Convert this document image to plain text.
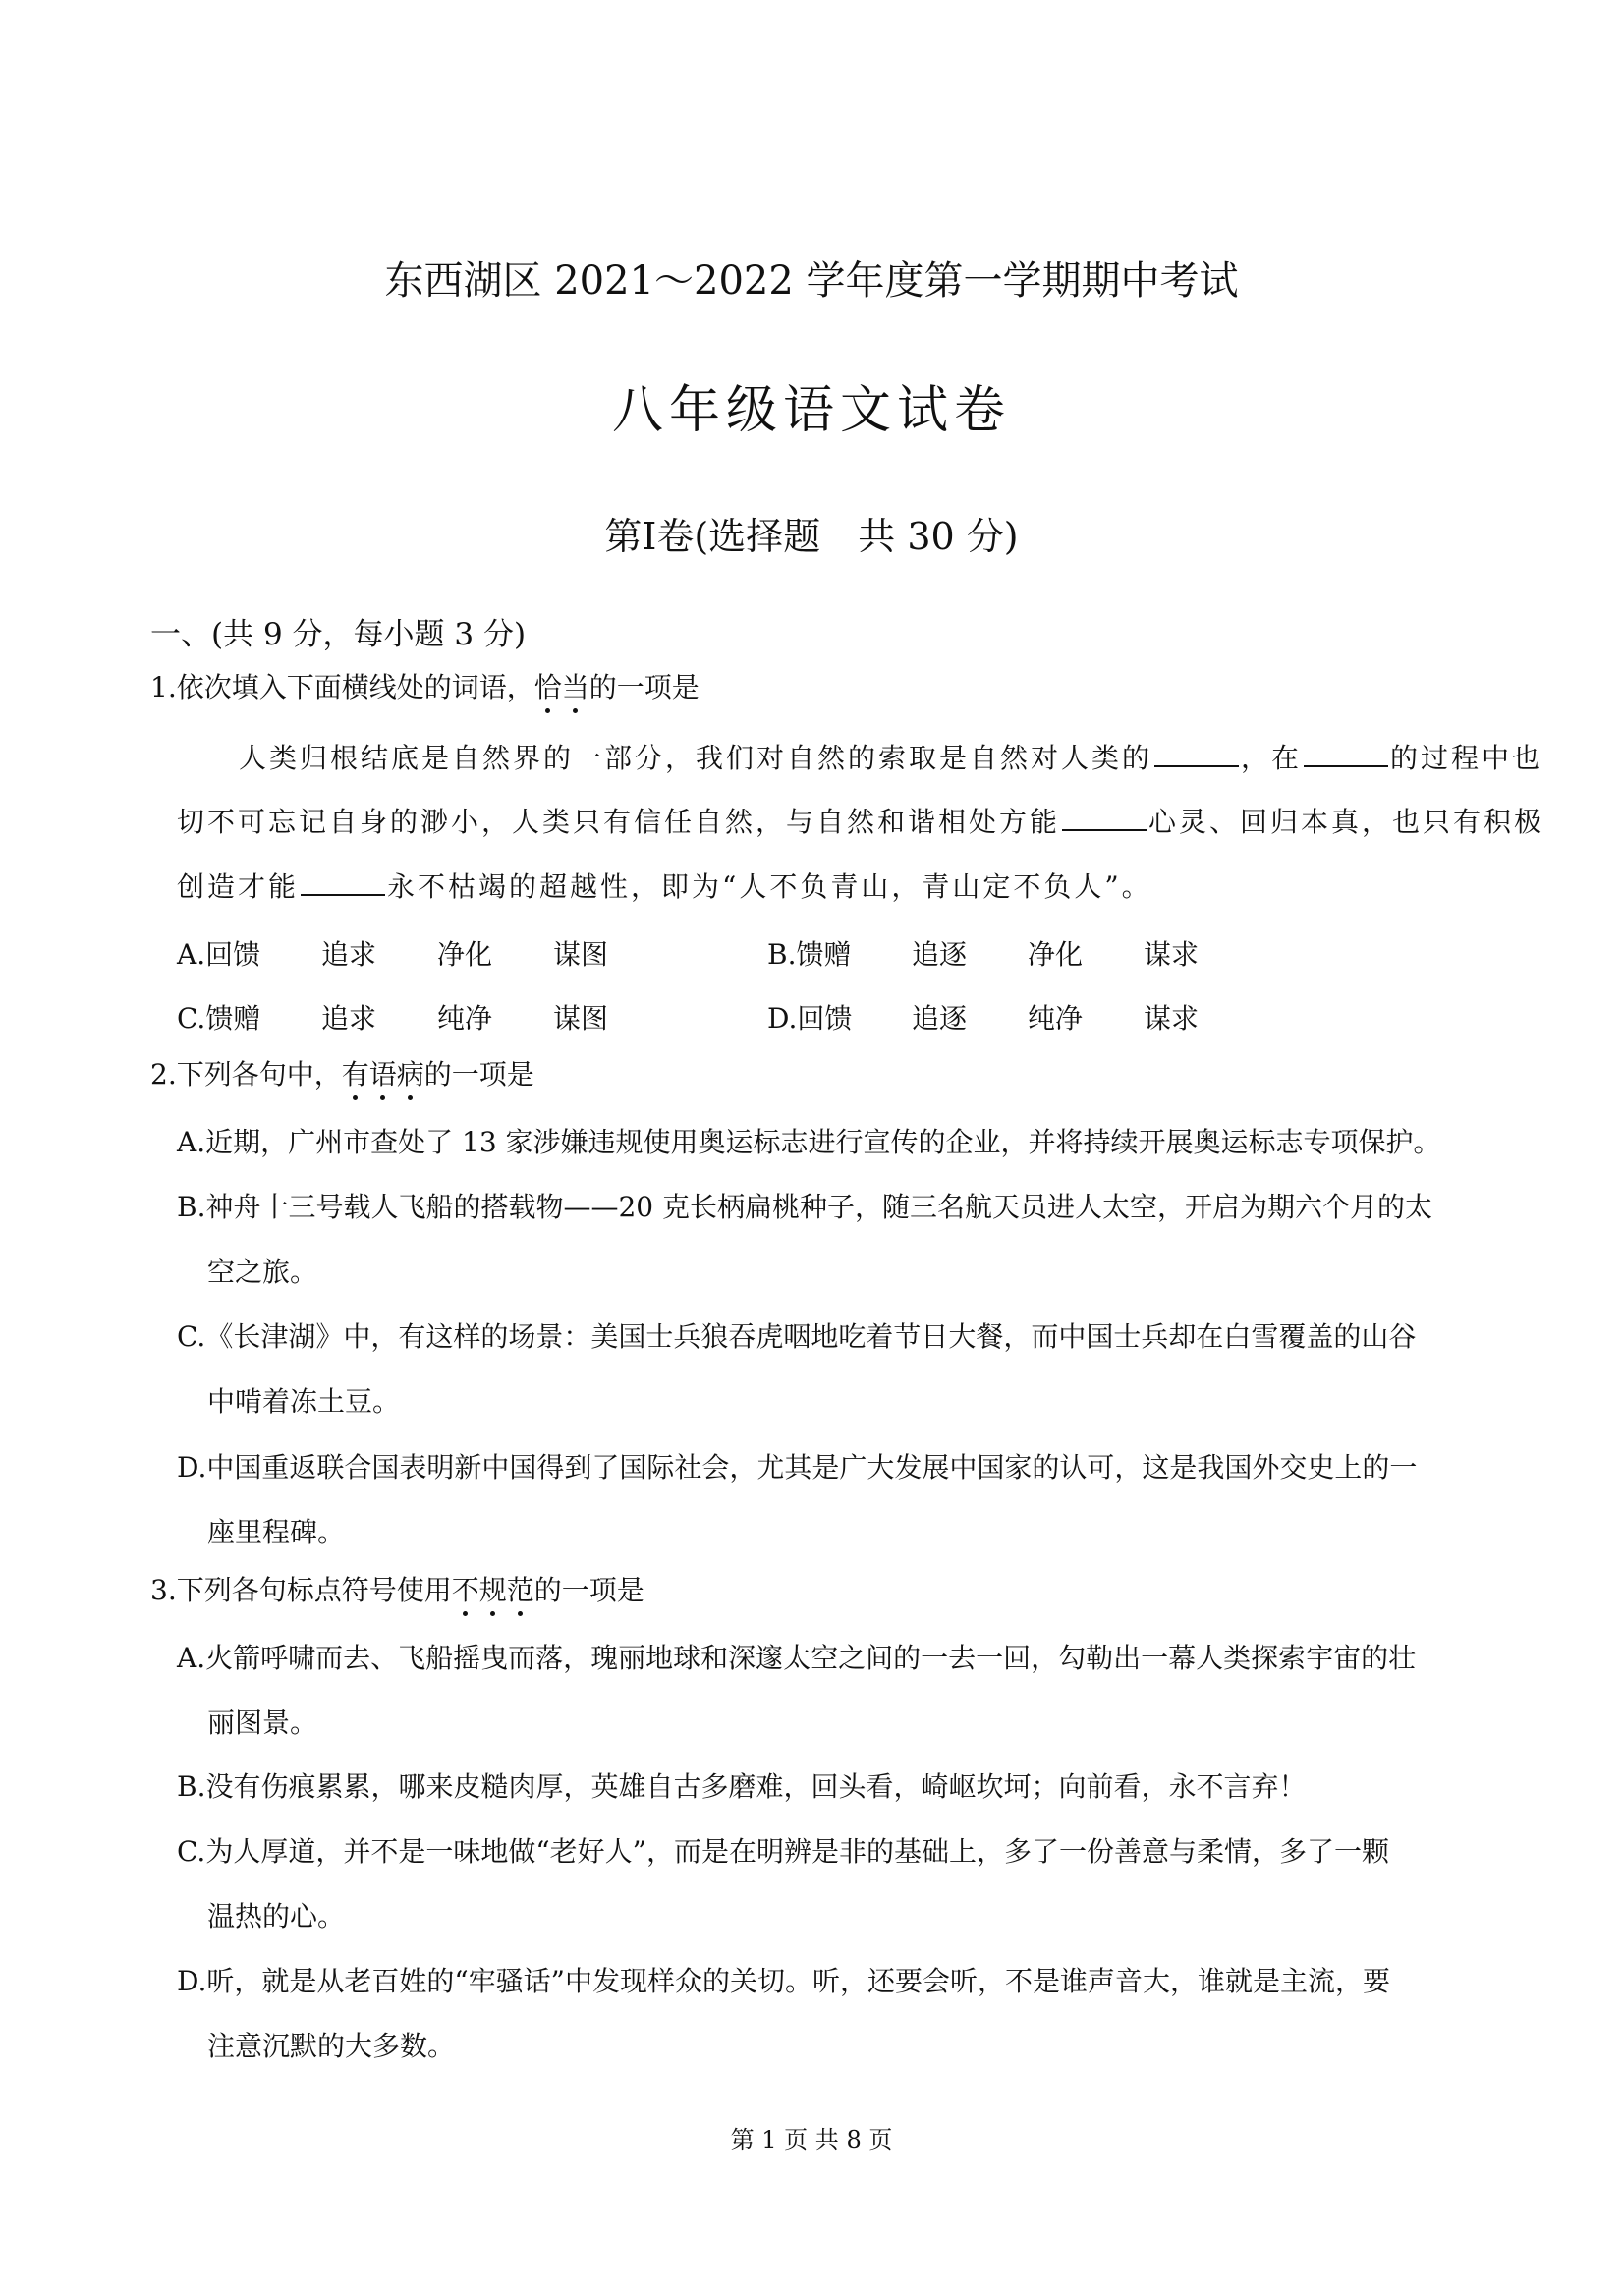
东西湖区 2021～2022 学年度第一学期期中考试
八年级语文试卷
第Ⅰ卷(选择题　共 30 分)
一、(共 9 分，每小题 3 分)
1.依次填入下面横线处的词语，恰当的一项是
人类归根结底是自然界的一部分，我们对自然的索取是自然对人类的	，在	的过程中也
切不可忘记自身的渺小，人类只有信任自然，与自然和谐相处方能	心灵、回归本真，也只有积极
创造才能	永不枯竭的超越性，即为“人不负青山，青山定不负人”。
A.回馈 追求 净化 谋图	B.馈赠 追逐 净化 谋求
C.馈赠 追求 纯净 谋图	D.回馈 追逐 纯净 谋求
2.下列各句中，有语病的一项是
A.近期，广州市查处了 13 家涉嫌违规使用奥运标志进行宣传的企业，并将持续开展奥运标志专项保护。
B.神舟十三号载人飞船的搭载物——20 克长柄扁桃种子，随三名航天员进人太空，开启为期六个月的太
空之旅。
C.《长津湖》中，有这样的场景：美国士兵狼吞虎咽地吃着节日大餐，而中国士兵却在白雪覆盖的山谷
中啃着冻土豆。
D.中国重返联合国表明新中国得到了国际社会，尤其是广大发展中国家的认可，这是我国外交史上的一
座里程碑。
3.下列各句标点符号使用不规范的一项是
A.火箭呼啸而去、飞船摇曳而落，瑰丽地球和深邃太空之间的一去一回，勾勒出一幕人类探索宇宙的壮
丽图景。
B.没有伤痕累累，哪来皮糙肉厚，英雄自古多磨难，回头看，崎岖坎坷；向前看，永不言弃！
C.为人厚道，并不是一味地做“老好人”，而是在明辨是非的基础上，多了一份善意与柔情，多了一颗
温热的心。
D.听，就是从老百姓的“牢骚话”中发现样众的关切。听，还要会听，不是谁声音大，谁就是主流，要
注意沉默的大多数。
第 1 页 共 8 页
